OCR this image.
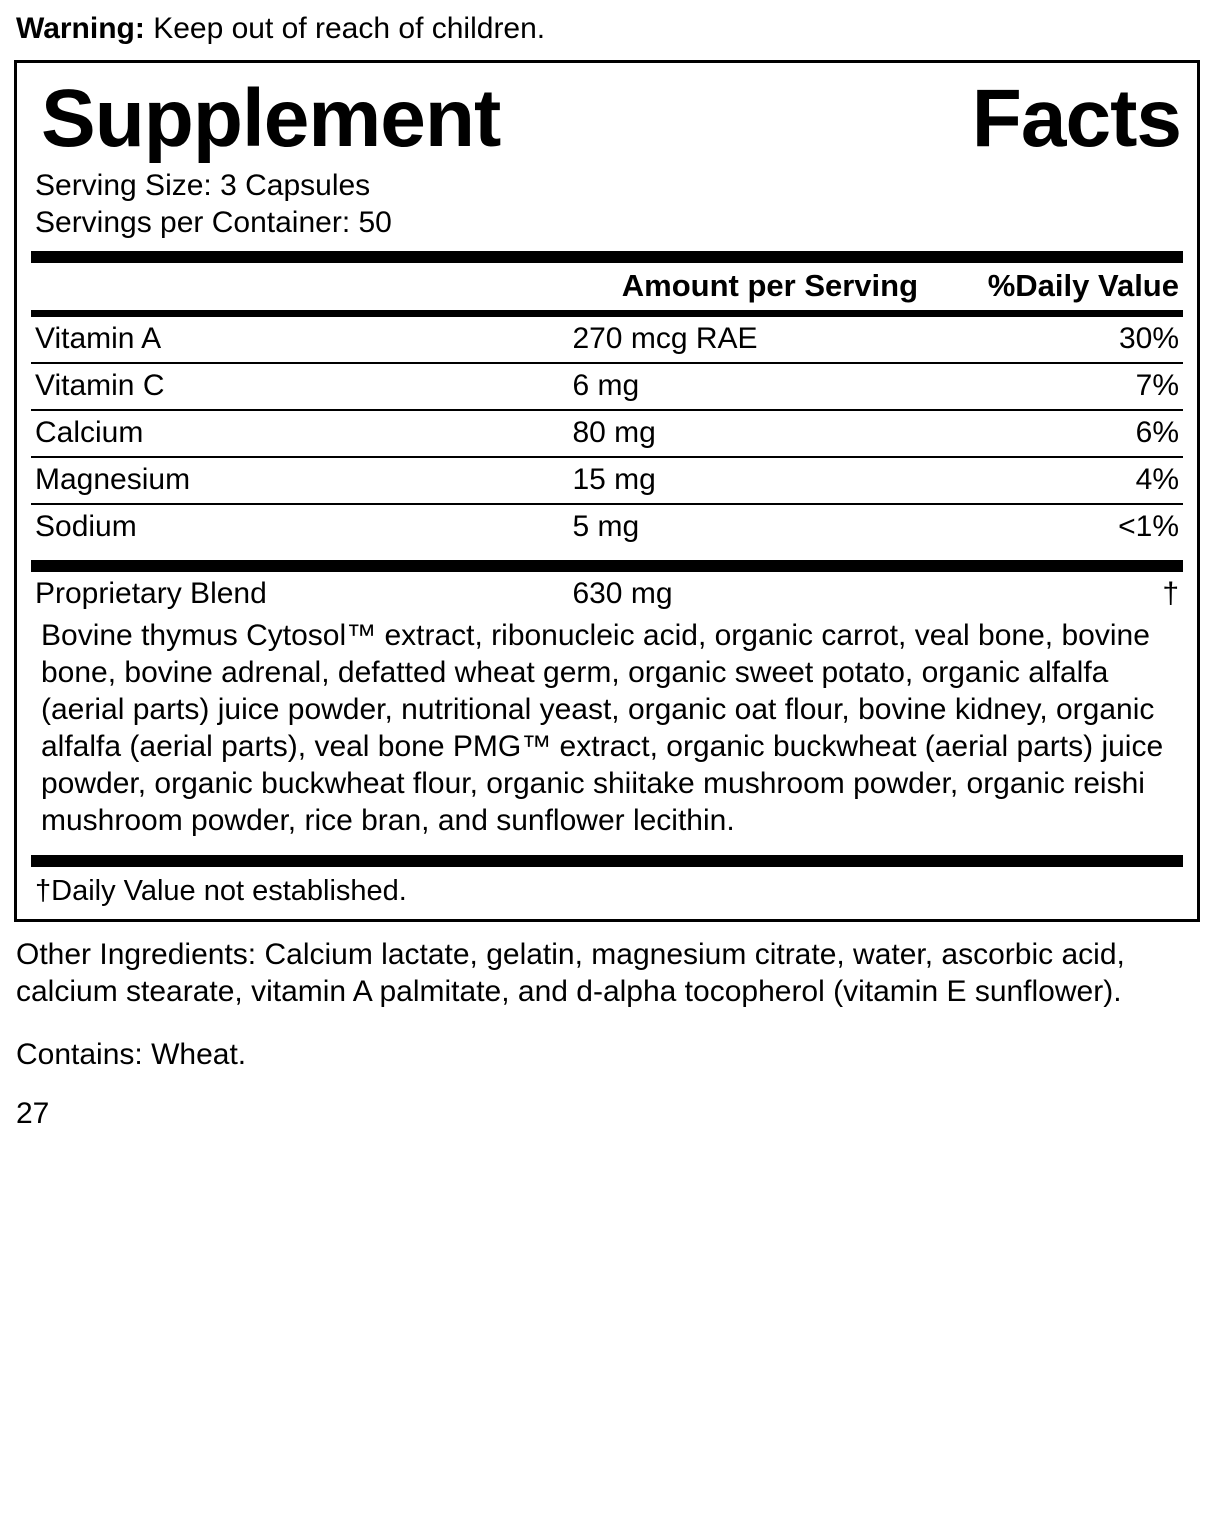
Warning: Keep out of reach of children.
Supplement	Facts
Serving Size: 3 Capsules
Servings per Container: 50
	Amount per Serving	%Daily Value
Vitamin A	270 mcg RAE	30%
Vitamin C	6 mg	7%
Calcium	80 mg	6%
Magnesium	15 mg	4%
Sodium	5 mg	<1%
Proprietary Blend	630 mg	†
Bovine thymus Cytosol™ extract, ribonucleic acid, organic carrot, veal bone, bovine bone, bovine adrenal, defatted wheat germ, organic sweet potato, organic alfalfa (aerial parts) juice powder, nutritional yeast, organic oat flour, bovine kidney, organic alfalfa (aerial parts), veal bone PMG™ extract, organic buckwheat (aerial parts) juice powder, organic buckwheat flour, organic shiitake mushroom powder, organic reishi mushroom powder, rice bran, and sunflower lecithin.
†Daily Value not established.
Other Ingredients: Calcium lactate, gelatin, magnesium citrate, water, ascorbic acid, calcium stearate, vitamin A palmitate, and d-alpha tocopherol (vitamin E sunflower).
Contains: Wheat.
27
